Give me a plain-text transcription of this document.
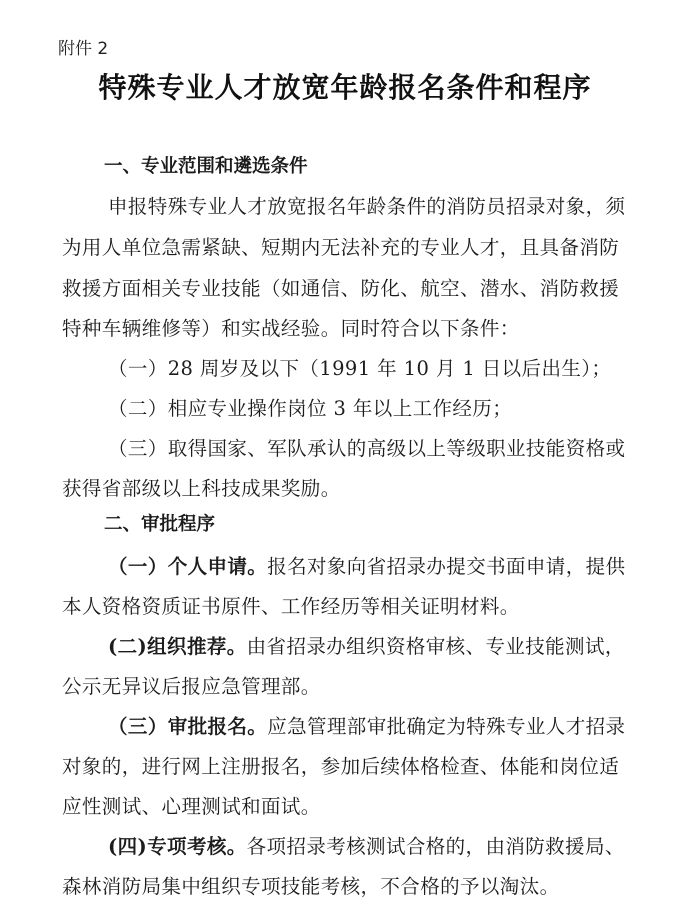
附件 2
特殊专业人才放宽年龄报名条件和程序
一、专业范围和遴选条件
申报特殊专业人才放宽报名年龄条件的消防员招录对象，须
为用人单位急需紧缺、短期内无法补充的专业人才，且具备消防
救援方面相关专业技能（如通信、防化、航空、潜水、消防救援
特种车辆维修等）和实战经验。同时符合以下条件：
（一）28 周岁及以下（1991 年 10 月 1 日以后出生）；
（二）相应专业操作岗位 3 年以上工作经历；
（三）取得国家、军队承认的高级以上等级职业技能资格或
获得省部级以上科技成果奖励。
二、审批程序
（一）个人申请。报名对象向省招录办提交书面申请，提供
本人资格资质证书原件、工作经历等相关证明材料。
(二)组织推荐。由省招录办组织资格审核、专业技能测试，
公示无异议后报应急管理部。
（三）审批报名。应急管理部审批确定为特殊专业人才招录
对象的，进行网上注册报名，参加后续体格检查、体能和岗位适
应性测试、心理测试和面试。
(四)专项考核。各项招录考核测试合格的，由消防救援局、
森林消防局集中组织专项技能考核，不合格的予以淘汰。
